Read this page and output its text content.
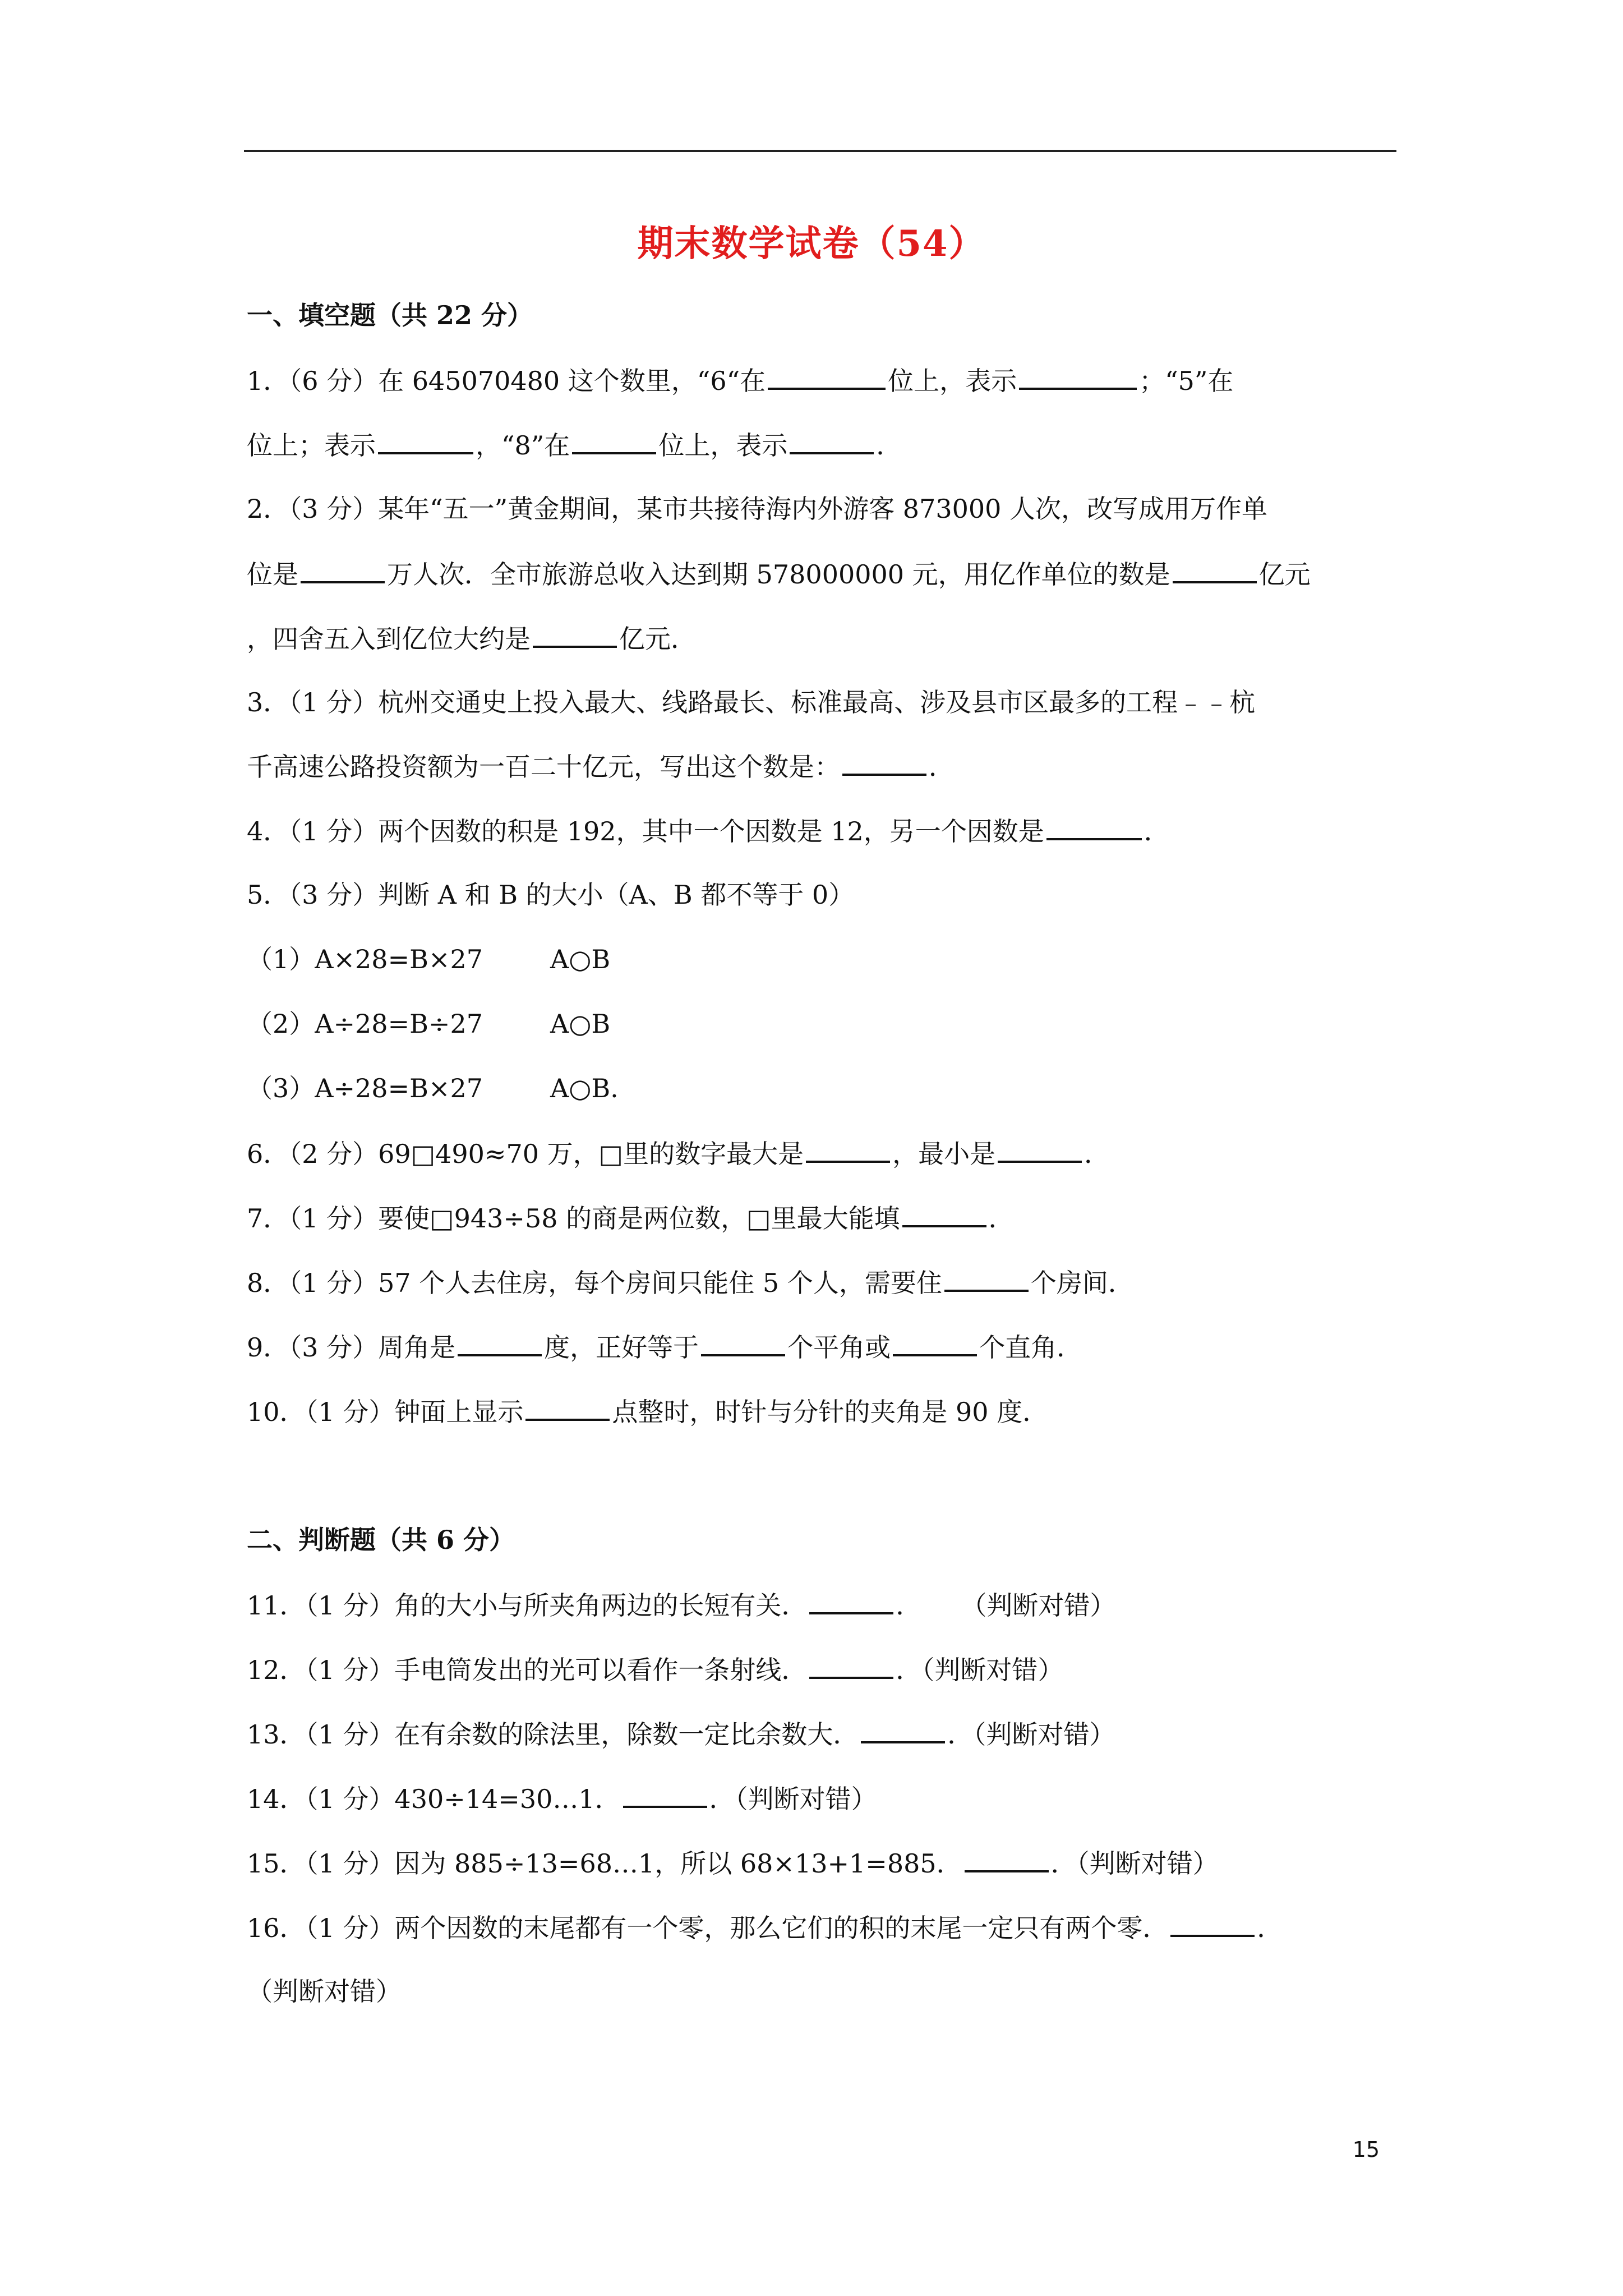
期末数学试卷（54）
一、填空题（共 22 分）
1．（6 分）在 645070480 这个数里，“6“在	位上，表示	；“5”在
位上；表示	，“8”在	位上，表示	．
2．（3 分）某年“五一”黄金期间，某市共接待海内外游客 873000 人次，改写成用万作单
位是	万人次．全市旅游总收入达到期 578000000 元，用亿作单位的数是	亿元
，四舍五入到亿位大约是	亿元．
3．（1 分）杭州交通史上投入最大、线路最长、标准最高、涉及县市区最多的工程﹣﹣杭
千高速公路投资额为一百二十亿元，写出这个数是：	．
4．（1 分）两个因数的积是 192，其中一个因数是 12，另一个因数是	．
5．（3 分）判断 A 和 B 的大小（A、B 都不等于 0）
（1）A×28=B×27	A○B
（2）A÷28=B÷27	A○B
（3）A÷28=B×27	A○B.
6．（2 分）69□490≈70 万，□里的数字最大是	，最小是	．
7．（1 分）要使□943÷58 的商是两位数，□里最大能填	．
8．（1 分）57 个人去住房，每个房间只能住 5 个人，需要住	个房间．
9．（3 分）周角是	度，正好等于	个平角或	个直角．
10．（1 分）钟面上显示	点整时，时针与分针的夹角是 90 度．
二、判断题（共 6 分）
11．（1 分）角的大小与所夹角两边的长短有关．	． （判断对错）
12．（1 分）手电筒发出的光可以看作一条射线．	．（判断对错）
13．（1 分）在有余数的除法里，除数一定比余数大．	．（判断对错）
14．（1 分）430÷14=30…1．	．（判断对错）
15．（1 分）因为 885÷13=68…1，所以 68×13+1=885．	．（判断对错）
16．（1 分）两个因数的末尾都有一个零，那么它们的积的末尾一定只有两个零．	．
（判断对错）
15
